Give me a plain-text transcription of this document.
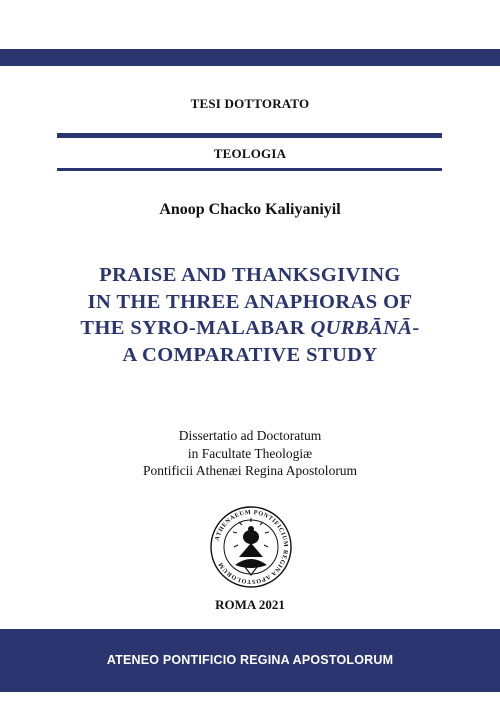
TESI DOTTORATO
TEOLOGIA
Anoop Chacko Kaliyaniyil
PRAISE AND THANKSGIVING
IN THE THREE ANAPHORAS OF
THE SYRO-MALABAR QURBĀNĀ-
A COMPARATIVE STUDY
Dissertatio ad Doctoratum
in Facultate Theologiæ
Pontificii Athenæi Regina Apostolorum
ATHENAEUM PONTIFICIUM REGINA APOSTOLORUM
ROMA 2021
ATENEO PONTIFICIO REGINA APOSTOLORUM
